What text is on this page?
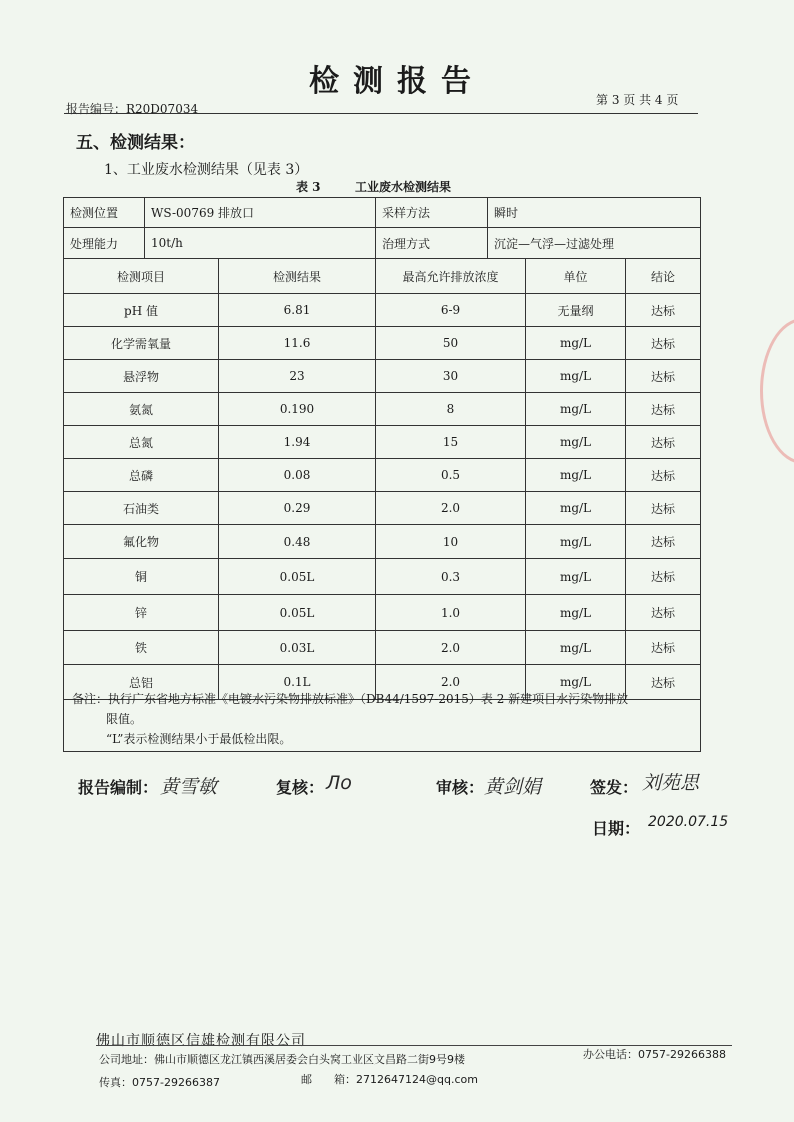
检测报告
报告编号：R20D07034
第 3 页 共 4 页
五、检测结果：
1、工业废水检测结果（见表 3）
表 3	工业废水检测结果
检测位置	WS-00769 排放口	采样方法	瞬时
处理能力	10t/h	治理方式	沉淀—气浮—过滤处理
检测项目	检测结果	最高允许排放浓度	单位	结论
pH 值	6.81	6-9	无量纲	达标
化学需氧量	11.6	50	mg/L	达标
悬浮物	23	30	mg/L	达标
氨氮	0.190	8	mg/L	达标
总氮	1.94	15	mg/L	达标
总磷	0.08	0.5	mg/L	达标
石油类	0.29	2.0	mg/L	达标
氟化物	0.48	10	mg/L	达标
铜	0.05L	0.3	mg/L	达标
锌	0.05L	1.0	mg/L	达标
铁	0.03L	2.0	mg/L	达标
总铝	0.1L	2.0	mg/L	达标

备注：执行广东省地方标准《电镀水污染物排放标准》（DB44/1597-2015）表 2 新建项目水污染物排放

限值。

“L”表示检测结果小于最低检出限。

报告编制： 黄雪敏	复核： Ло	审核： 黄剑娟	签发： 刘苑思
日期： 2020.07.15
佛山市顺德区信雄检测有限公司
公司地址：佛山市顺德区龙江镇西溪居委会白头窝工业区文昌路二街9号9楼
传真：0757-29266387	邮　　箱：2712647124@qq.com
办公电话：0757-29266388
